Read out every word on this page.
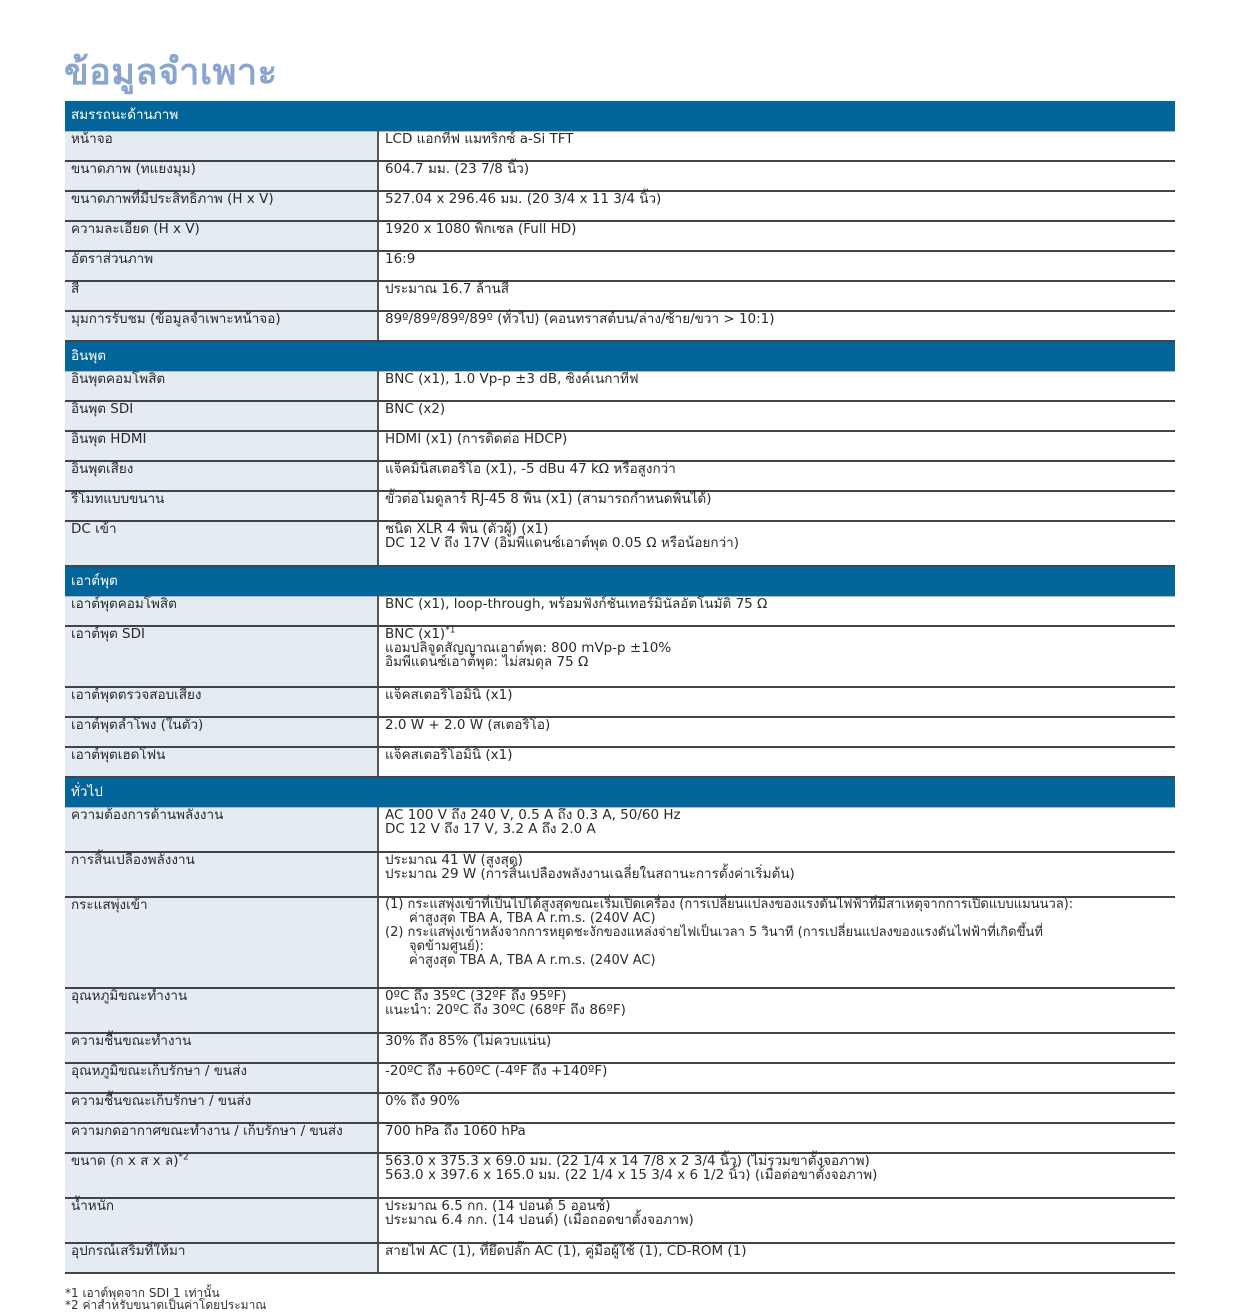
ข้อมูลจำเพาะ
สมรรถนะด้านภาพ	
หน้าจอ	LCD แอกทีฟ แมทริกซ์ a-Si TFT

ขนาดภาพ (ทแยงมุม)	604.7 มม. (23 7/8 นิ้ว)

ขนาดภาพที่มีประสิทธิภาพ (H x V)	527.04 x 296.46 มม. (20 3/4 x 11 3/4 นิ้ว)

ความละเอียด (H x V)	1920 x 1080 พิกเซล (Full HD)

อัตราส่วนภาพ	16:9

สี	ประมาณ 16.7 ล้านสี

มุมการรับชม (ข้อมูลจำเพาะหน้าจอ)	89º/89º/89º/89º (ทั่วไป) (คอนทราสต์บน/ล่าง/ซ้าย/ขวา > 10:1)

อินพุต	
อินพุตคอมโพสิต	BNC (x1), 1.0 Vp-p ±3 dB, ซิงค์เนกาทีฟ

อินพุต SDI	BNC (x2)

อินพุต HDMI	HDMI (x1) (การติดต่อ HDCP)

อินพุตเสียง	แจ็คมินิสเตอริโอ (x1), -5 dBu 47 kΩ หรือสูงกว่า

รีโมทแบบขนาน	ขั้วต่อโมดูลาร์ RJ-45 8 พิน (x1) (สามารถกำหนดพินได้)

DC เข้า	ชนิด XLR 4 พิน (ตัวผู้) (x1)
DC 12 V ถึง 17V (อิมพีแดนซ์เอาต์พุต 0.05 Ω หรือน้อยกว่า)

เอาต์พุต	
เอาต์พุตคอมโพสิต	BNC (x1), loop-through, พร้อมฟังก์ชั่นเทอร์มินัลอัตโนมัติ 75 Ω

เอาต์พุต SDI	BNC $(x1)^{*1}$
แอมปลิจูดสัญญาณเอาต์พุต: 800 mVp-p ±10%
อิมพีแดนซ์เอาต์พุต: ไม่สมดุล 75 Ω

เอาต์พุตตรวจสอบเสียง	แจ็คสเตอริโอมินิ (x1)

เอาต์พุตลำโพง (ในตัว)	2.0 W + 2.0 W (สเตอริโอ)

เอาต์พุตเฮดโฟน	แจ็คสเตอริโอมินิ (x1)

ทั่วไป	
ความต้องการด้านพลังงาน	AC 100 V ถึง 240 V, 0.5 A ถึง 0.3 A, 50/60 Hz
DC 12 V ถึง 17 V, 3.2 A ถึง 2.0 A

การสิ้นเปลืองพลังงาน	ประมาณ 41 W (สูงสุด)
ประมาณ 29 W (การสิ้นเปลืองพลังงานเฉลี่ยในสถานะการตั้งค่าเริ่มต้น)

กระแสพุ่งเข้า	(1) กระแสพุ่งเข้าที่เป็นไปได้สูงสุดขณะเริ่มเปิดเครื่อง (การเปลี่ยนแปลงของแรงดันไฟฟ้าที่มีสาเหตุจากการเปิดแบบแมนนวล):
ค่าสูงสุด TBA A, TBA A r.m.s. (240V AC)
(2) กระแสพุ่งเข้าหลังจากการหยุดชะงักของแหล่งจ่ายไฟเป็นเวลา 5 วินาที (การเปลี่ยนแปลงของแรงดันไฟฟ้าที่เกิดขึ้นที่
จุดข้ามศูนย์):
ค่าสูงสุด TBA A, TBA A r.m.s. (240V AC)

อุณหภูมิขณะทำงาน	0ºC ถึง 35ºC (32ºF ถึง 95ºF)
แนะนำ: 20ºC ถึง 30ºC (68ºF ถึง 86ºF)

ความชื้นขณะทำงาน	30% ถึง 85% (ไม่ควบแน่น)

อุณหภูมิขณะเก็บรักษา / ขนส่ง	-20ºC ถึง +60ºC (-4ºF ถึง +140ºF)

ความชื้นขณะเก็บรักษา / ขนส่ง	0% ถึง 90%

ความกดอากาศขณะทำงาน / เก็บรักษา / ขนส่ง	700 hPa ถึง 1060 hPa

ขนาด (ก x ส x ล)$^{*2}$	563.0 x 375.3 x 69.0 มม. (22 1/4 x 14 7/8 x 2 3/4 นิ้ว) (ไม่รวมขาตั้งจอภาพ)
563.0 x 397.6 x 165.0 มม. (22 1/4 x 15 3/4 x 6 1/2 นิ้ว) (เมื่อต่อขาตั้งจอภาพ)

น้ำหนัก	ประมาณ 6.5 กก. (14 ปอนด์ 5 ออนซ์)
ประมาณ 6.4 กก. (14 ปอนด์) (เมื่อถอดขาตั้งจอภาพ)

อุปกรณ์เสริมที่ให้มา	สายไฟ AC (1), ที่ยึดปลั๊ก AC (1), คู่มือผู้ใช้ (1), CD-ROM (1)
*1 เอาต์พุตจาก SDI 1 เท่านั้น
*2 ค่าสำหรับขนาดเป็นค่าโดยประมาณ
